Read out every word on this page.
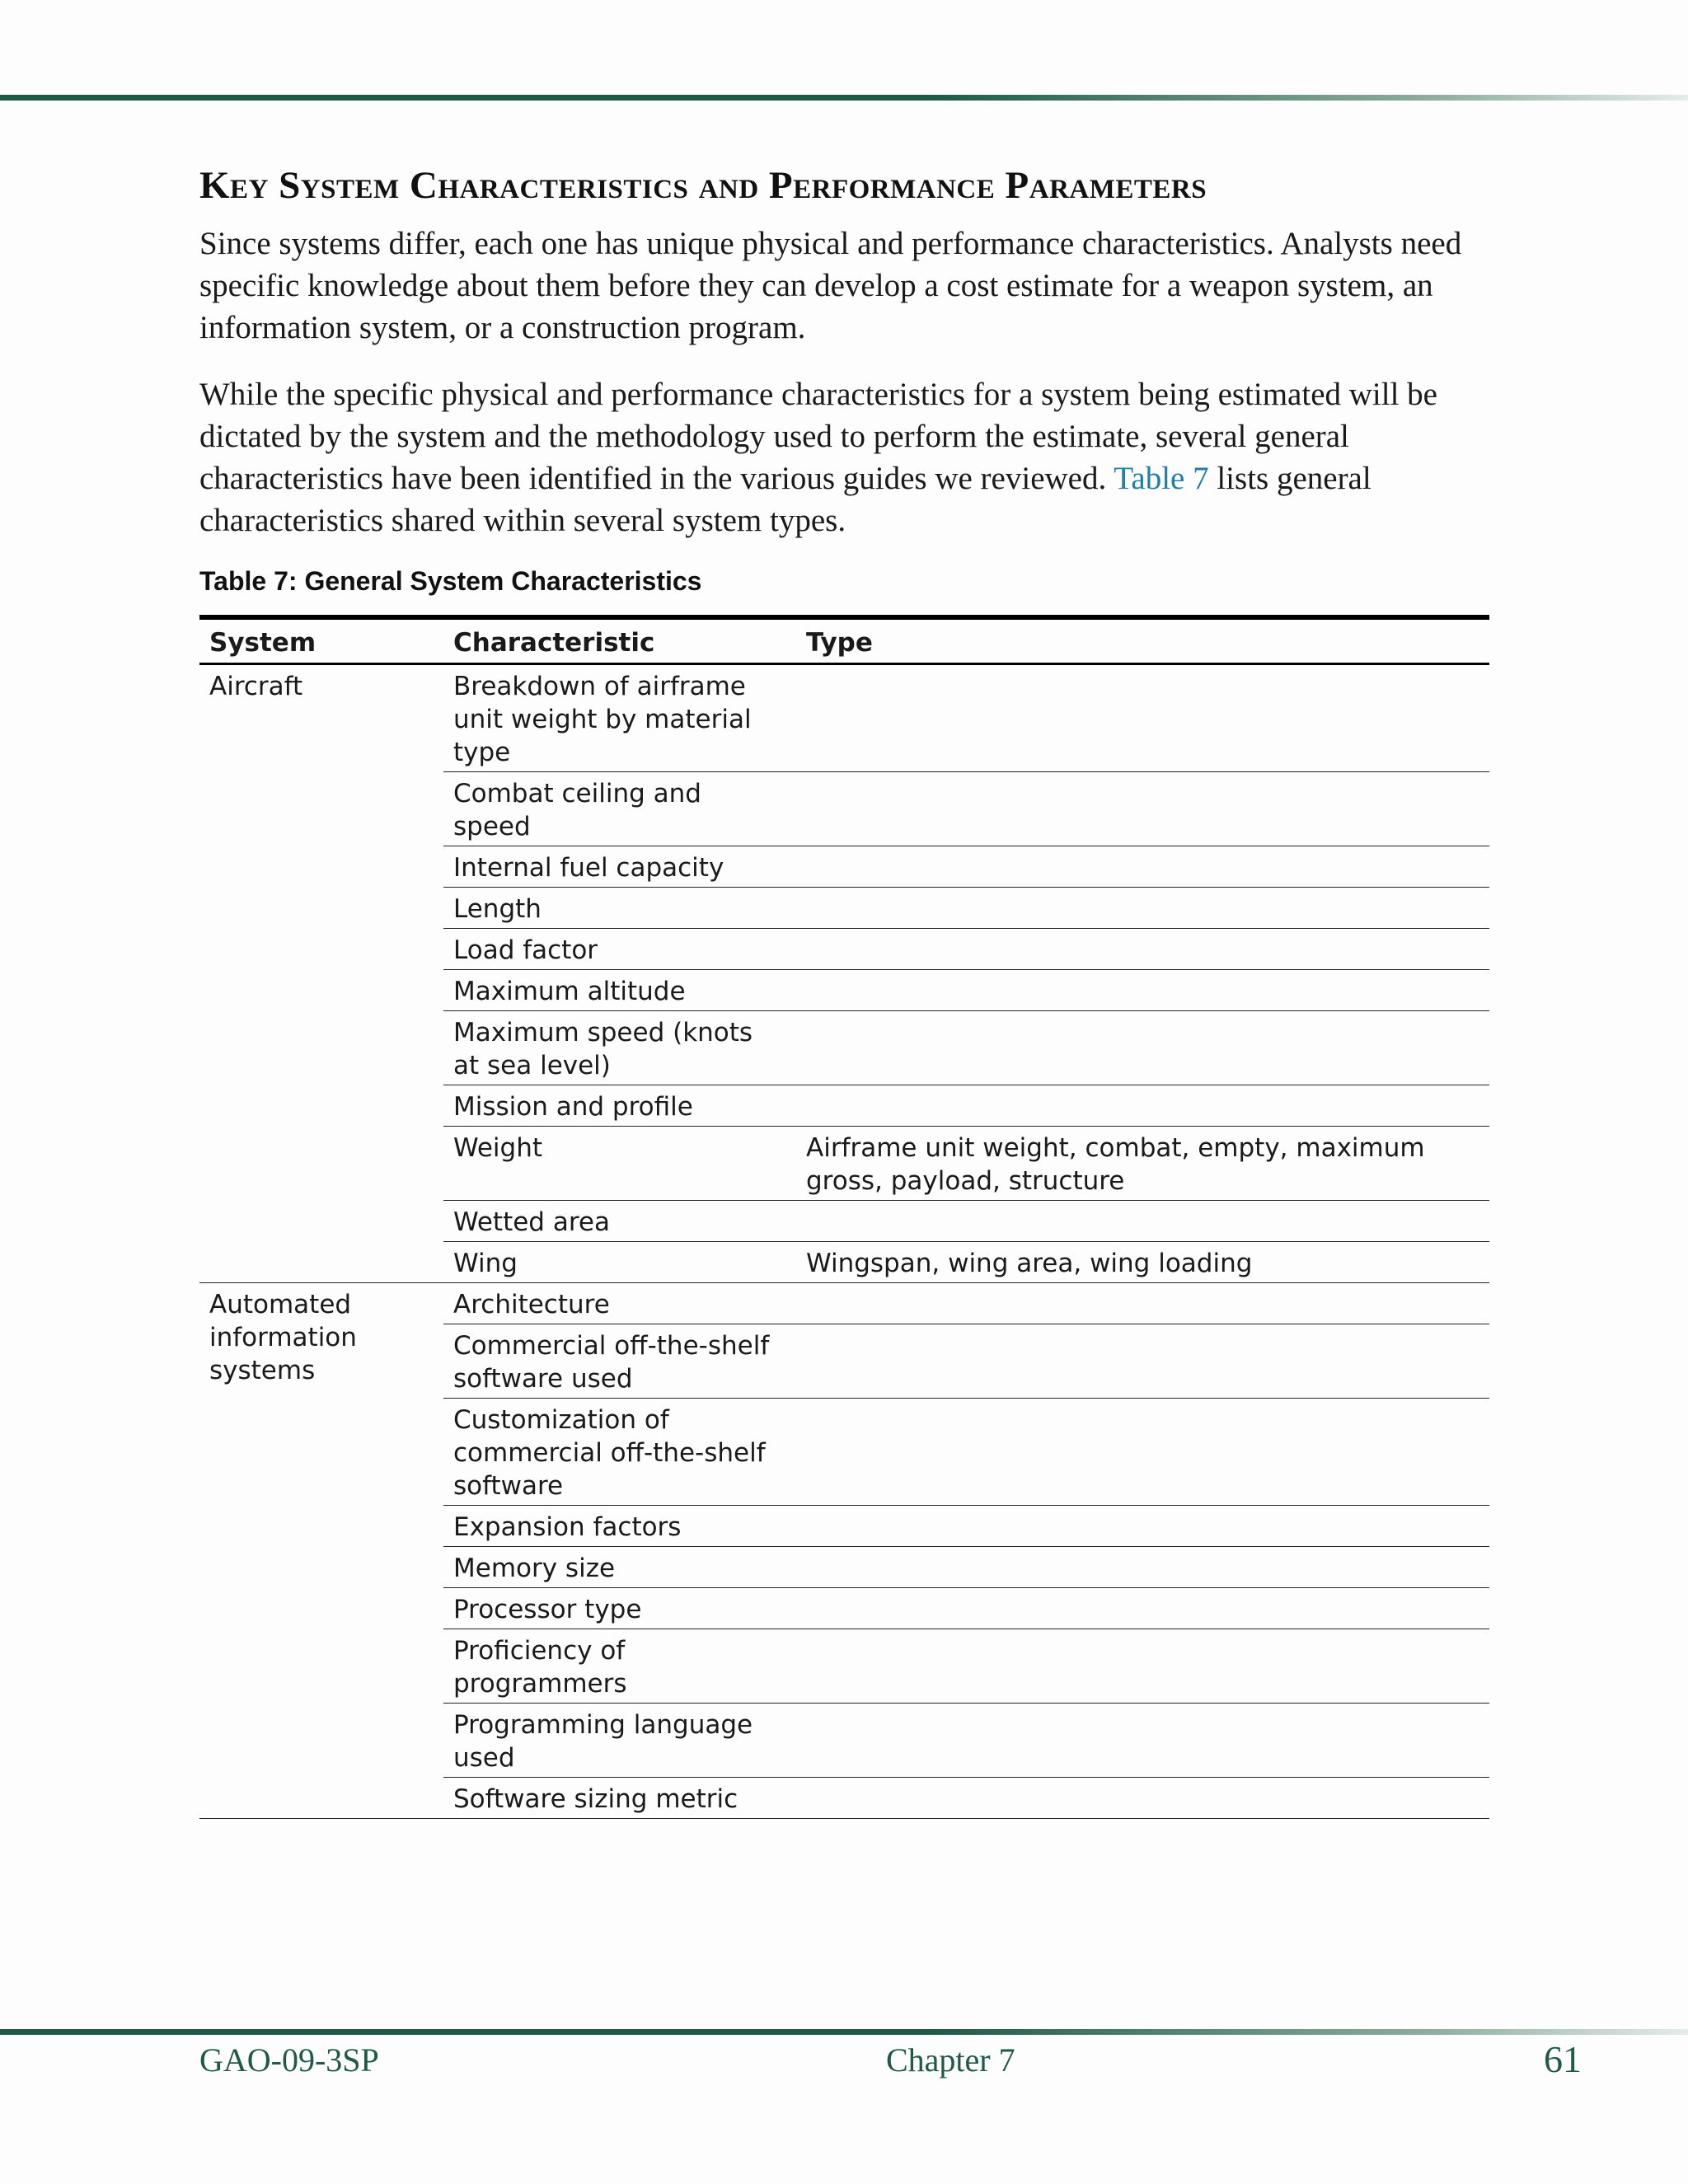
Key System Characteristics and Performance Parameters

Since systems differ, each one has unique physical and performance characteristics. Analysts need specific knowledge about them before they can develop a cost estimate for a weapon system, an information system, or a construction program.

While the specific physical and performance characteristics for a system being estimated will be dictated by the system and the methodology used to perform the estimate, several general characteristics have been identified in the various guides we reviewed. Table 7 lists general characteristics shared within several system types.

Table 7: General System Characteristics
System	Characteristic	Type
Aircraft	Breakdown of airframe unit weight by material type	
	Combat ceiling and speed	
	Internal fuel capacity	
	Length	
	Load factor	
	Maximum altitude	
	Maximum speed (knots at sea level)	
	Mission and profile	
	Weight	Airframe unit weight, combat, empty, maximum gross, payload, structure
	Wetted area	
	Wing	Wingspan, wing area, wing loading
Automated information systems	Architecture	
	Commercial off-the-shelf software used	
	Customization of commercial off-the-shelf software	
	Expansion factors	
	Memory size	
	Processor type	
	Proficiency of programmers	
	Programming language used	
	Software sizing metric	
GAO-09-3SP	Chapter 7	61
